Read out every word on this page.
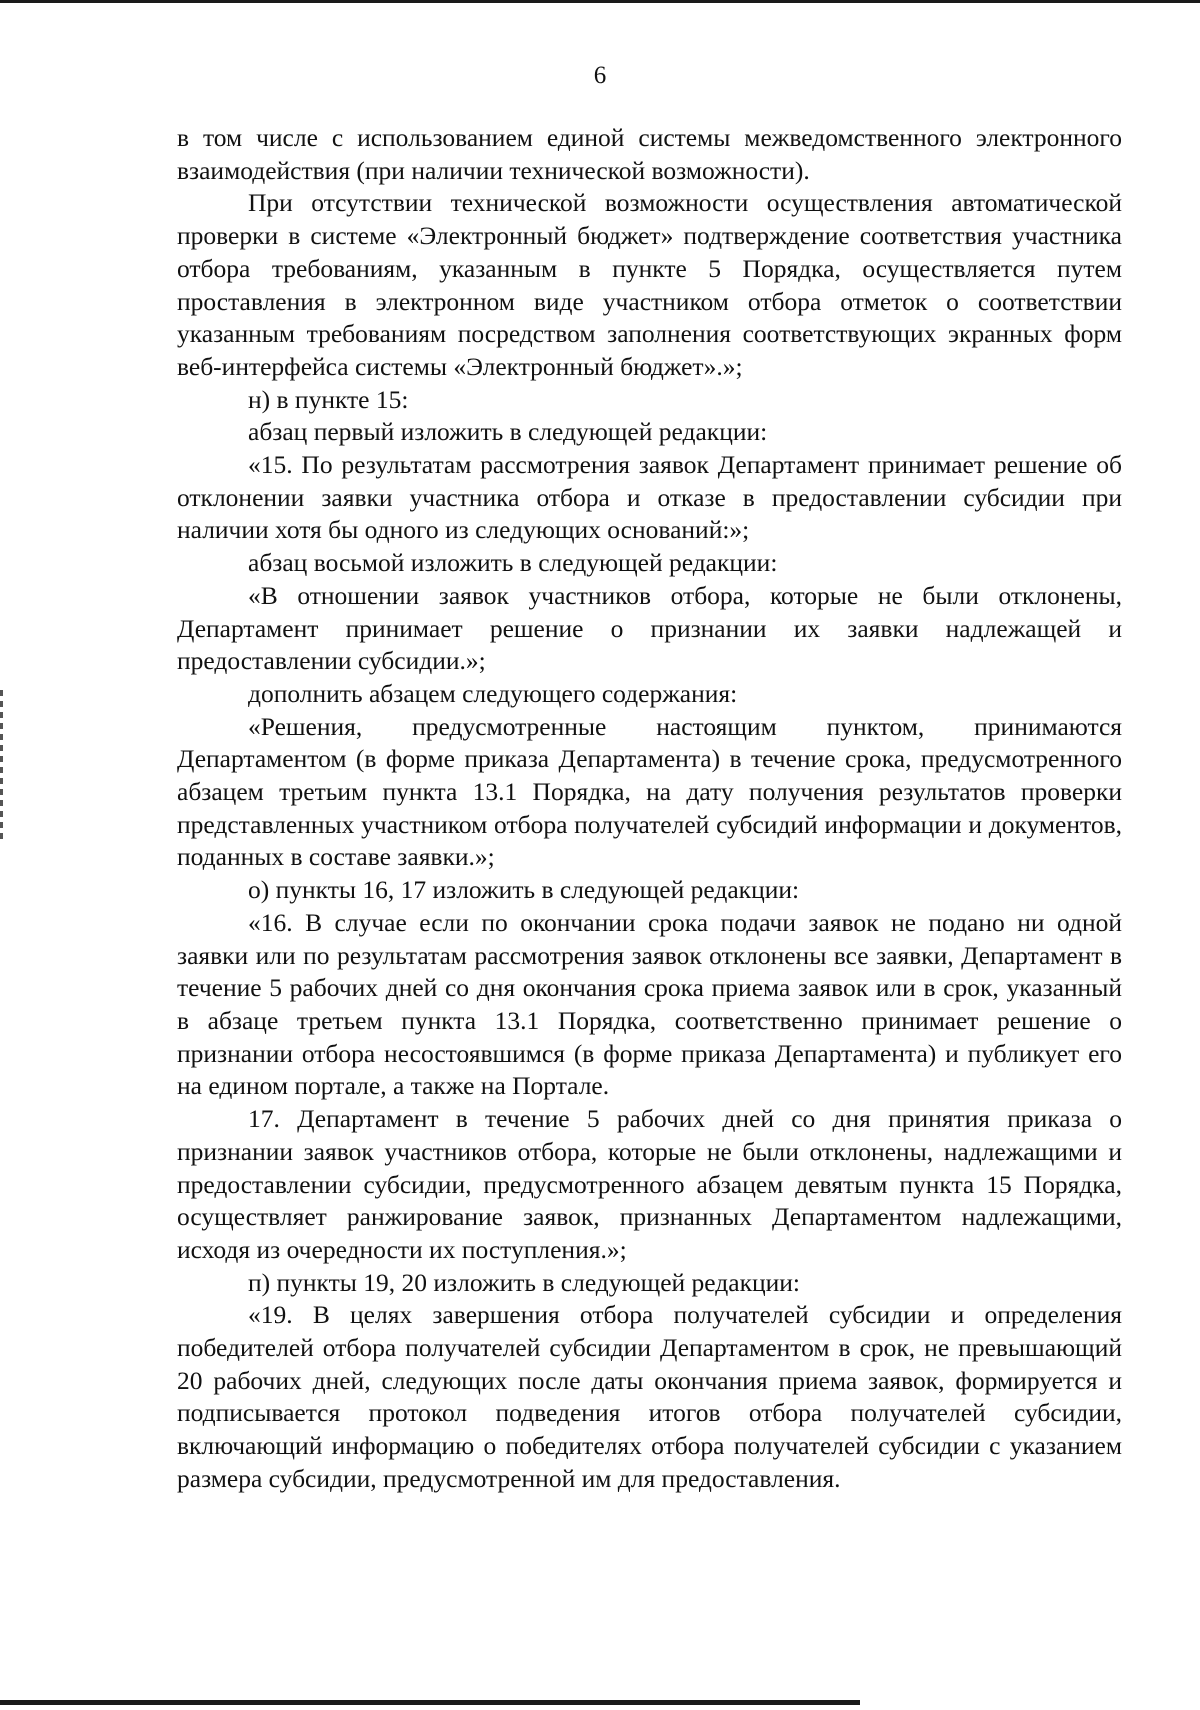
6

в том числе с использованием единой системы межведомственного электронного взаимодействия (при наличии технической возможности).

При отсутствии технической возможности осуществления автоматической проверки в системе «Электронный бюджет» подтверждение соответствия участника отбора требованиям, указанным в пункте 5 Порядка, осуществляется путем проставления в электронном виде участником отбора отметок о соответствии указанным требованиям посредством заполнения соответствующих экранных форм веб-интерфейса системы «Электронный бюджет».»;

н) в пункте 15:

абзац первый изложить в следующей редакции:

«15. По результатам рассмотрения заявок Департамент принимает решение об отклонении заявки участника отбора и отказе в предоставлении субсидии при наличии хотя бы одного из следующих оснований:»;

абзац восьмой изложить в следующей редакции:

«В отношении заявок участников отбора, которые не были отклонены, Департамент принимает решение о признании их заявки надлежащей и предоставлении субсидии.»;

дополнить абзацем следующего содержания:

«Решения, предусмотренные настоящим пунктом, принимаются Департаментом (в форме приказа Департамента) в течение срока, предусмотренного абзацем третьим пункта 13.1 Порядка, на дату получения результатов проверки представленных участником отбора получателей субсидий информации и документов, поданных в составе заявки.»;

о) пункты 16, 17 изложить в следующей редакции:

«16. В случае если по окончании срока подачи заявок не подано ни одной заявки или по результатам рассмотрения заявок отклонены все заявки, Департамент в течение 5 рабочих дней со дня окончания срока приема заявок или в срок, указанный в абзаце третьем пункта 13.1 Порядка, соответственно принимает решение о признании отбора несостоявшимся (в форме приказа Департамента) и публикует его на едином портале, а также на Портале.

17. Департамент в течение 5 рабочих дней со дня принятия приказа о признании заявок участников отбора, которые не были отклонены, надлежащими и предоставлении субсидии, предусмотренного абзацем девятым пункта 15 Порядка, осуществляет ранжирование заявок, признанных Департаментом надлежащими, исходя из очередности их поступления.»;

п) пункты 19, 20 изложить в следующей редакции:

«19. В целях завершения отбора получателей субсидии и определения победителей отбора получателей субсидии Департаментом в срок, не превышающий 20 рабочих дней, следующих после даты окончания приема заявок, формируется и подписывается протокол подведения итогов отбора получателей субсидии, включающий информацию о победителях отбора получателей субсидии с указанием размера субсидии, предусмотренной им для предоставления.
